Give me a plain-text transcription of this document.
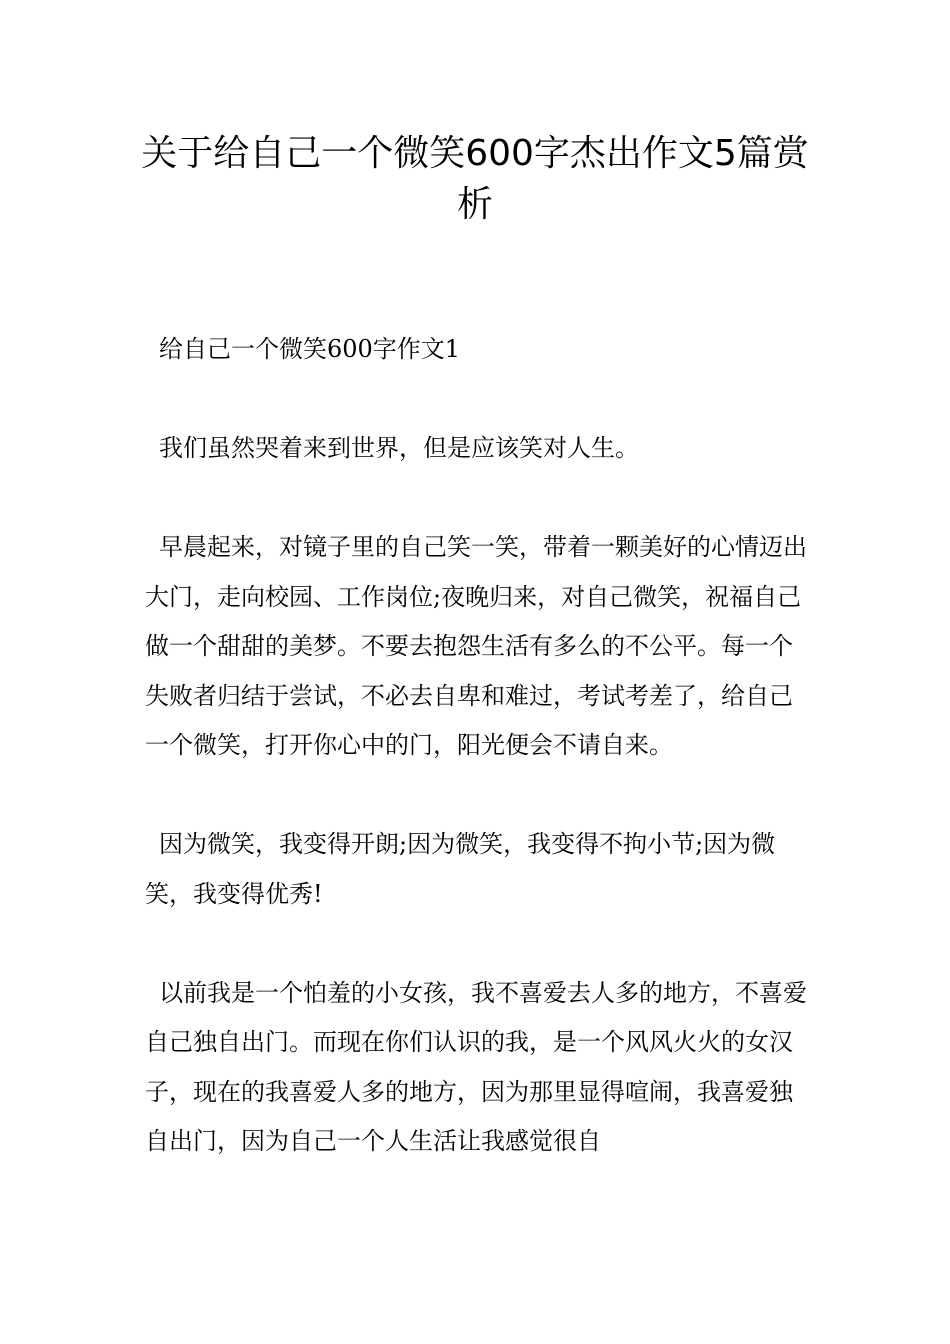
关于给自己一个微笑600字杰出作文5篇赏析

给自己一个微笑600字作文1

我们虽然哭着来到世界，但是应该笑对人生。

早晨起来，对镜子里的自己笑一笑，带着一颗美好的心情迈出大门，走向校园、工作岗位;夜晚归来，对自己微笑，祝福自己做一个甜甜的美梦。不要去抱怨生活有多么的不公平。每一个失败者归结于尝试，不必去自卑和难过，考试考差了，给自己一个微笑，打开你心中的门，阳光便会不请自来。

因为微笑，我变得开朗;因为微笑，我变得不拘小节;因为微笑，我变得优秀!

以前我是一个怕羞的小女孩，我不喜爱去人多的地方，不喜爱自己独自出门。而现在你们认识的我，是一个风风火火的女汉子，现在的我喜爱人多的地方，因为那里显得喧闹，我喜爱独自出门，因为自己一个人生活让我感觉很自
